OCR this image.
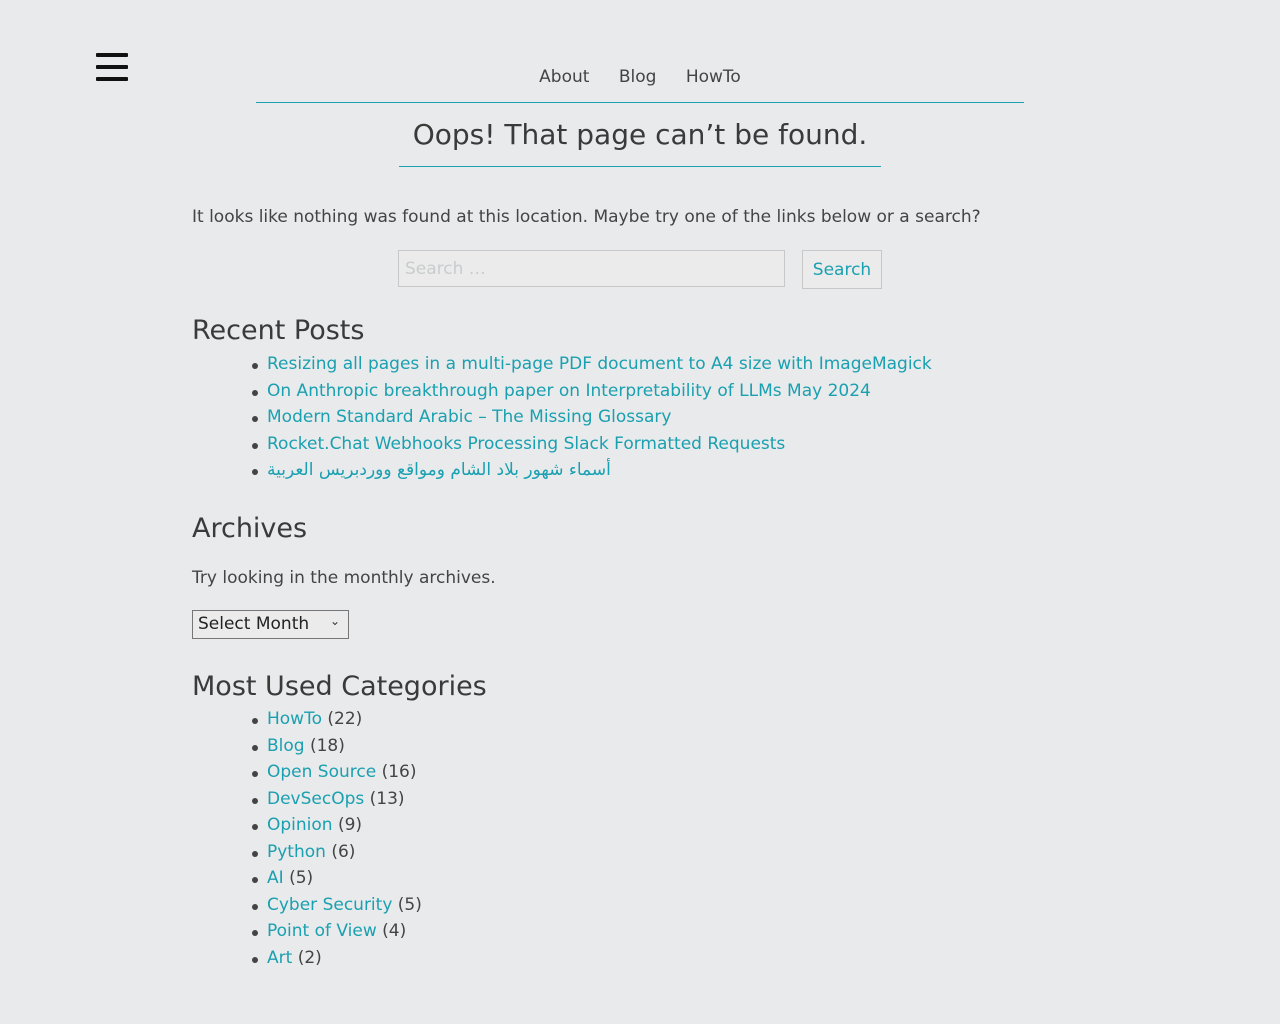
About Blog HowTo
Oops! That page can’t be found.

It looks like nothing was found at this location. Maybe try one of the links below or a search?

Search …
Search
Recent Posts
Resizing all pages in a multi-page PDF document to A4 size with ImageMagick
On Anthropic breakthrough paper on Interpretability of LLMs May 2024
Modern Standard Arabic – The Missing Glossary
Rocket.Chat Webhooks Processing Slack Formatted Requests
أسماء شهور بلاد الشام ومواقع ووردبريس العربية
Archives

Try looking in the monthly archives.

Select Month ⌄
Most Used Categories
HowTo (22)
Blog (18)
Open Source (16)
DevSecOps (13)
Opinion (9)
Python (6)
AI (5)
Cyber Security (5)
Point of View (4)
Art (2)
